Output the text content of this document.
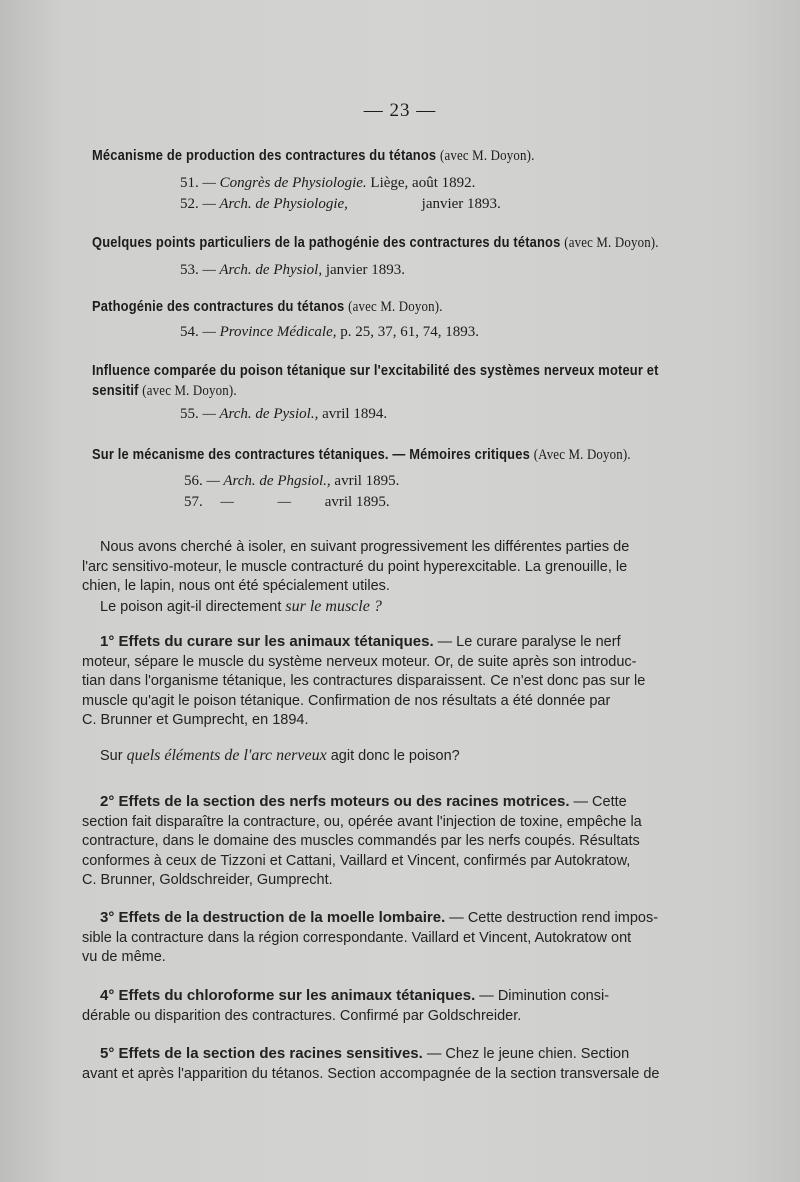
— 23 —
Mécanisme de production des contractures du tétanos (avec M. Doyon).
51. — Congrès de Physiologie. Liège, août 1892.
52. — Arch. de Physiologie,	janvier 1893.
Quelques points particuliers de la pathogénie des contractures du tétanos (avec M. Doyon).
53. — Arch. de Physiol, janvier 1893.
Pathogénie des contractures du tétanos (avec M. Doyon).
54. — Province Médicale, p. 25, 37, 61, 74, 1893.
Influence comparée du poison tétanique sur l'excitabilité des systèmes nerveux moteur et
sensitif (avec M. Doyon).
55. — Arch. de Pysiol., avril 1894.
Sur le mécanisme des contractures tétaniques. — Mémoires critiques (Avec M. Doyon).
56. — Arch. de Phgsiol., avril 1895.
57. — — avril 1895.
Nous avons cherché à isoler, en suivant progressivement les différentes parties de
l'arc sensitivo-moteur, le muscle contracturé du point hyperexcitable. La grenouille, le
chien, le lapin, nous ont été spécialement utiles.
Le poison agit-il directement sur le muscle ?
1° Effets du curare sur les animaux tétaniques. — Le curare paralyse le nerf
moteur, sépare le muscle du système nerveux moteur. Or, de suite après son introduc-
tian dans l'organisme tétanique, les contractures disparaissent. Ce n'est donc pas sur le
muscle qu'agit le poison tétanique. Confirmation de nos résultats a été donnée par
C. Brunner et Gumprecht, en 1894.
Sur quels éléments de l'arc nerveux agit donc le poison?
2° Effets de la section des nerfs moteurs ou des racines motrices. — Cette
section fait disparaître la contracture, ou, opérée avant l'injection de toxine, empêche la
contracture, dans le domaine des muscles commandés par les nerfs coupés. Résultats
conformes à ceux de Tizzoni et Cattani, Vaillard et Vincent, confirmés par Autokratow,
C. Brunner, Goldschreider, Gumprecht.
3° Effets de la destruction de la moelle lombaire. — Cette destruction rend impos-
sible la contracture dans la région correspondante. Vaillard et Vincent, Autokratow ont
vu de même.
4° Effets du chloroforme sur les animaux tétaniques. — Diminution consi-
dérable ou disparition des contractures. Confirmé par Goldschreider.
5° Effets de la section des racines sensitives. — Chez le jeune chien. Section
avant et après l'apparition du tétanos. Section accompagnée de la section transversale de
